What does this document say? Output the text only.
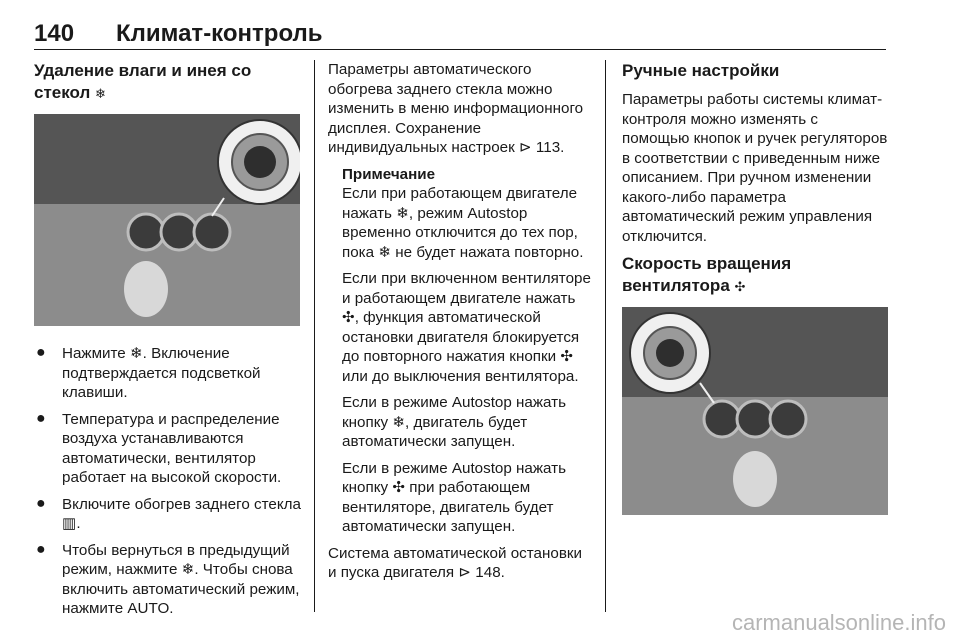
140 Климат-контроль
Удаление влаги и инея со стекол ❄
● Нажмите ❄. Включение подтверждается подсветкой клавиши.
● Температура и распределение воздуха устанавливаются автоматически, вентилятор работает на высокой скорости.
● Включите обогрев заднего стекла ▥.
● Чтобы вернуться в предыдущий режим, нажмите ❄. Чтобы снова включить автоматический режим, нажмите AUTO.

Параметры автоматического обогрева заднего стекла можно изменить в меню информационного дисплея. Сохранение индивидуальных настроек ⊳ 113.

Примечание

Если при работающем двигателе нажать ❄, режим Autostop временно отключится до тех пор, пока ❄ не будет нажата повторно.

Если при включенном вентиляторе и работающем двигателе нажать ✣, функция автоматической остановки двигателя блокируется до повторного нажатия кнопки ✣ или до выключения вентилятора.

Если в режиме Autostop нажать кнопку ❄, двигатель будет автоматически запущен.

Если в режиме Autostop нажать кнопку ✣ при работающем вентиляторе, двигатель будет автоматически запущен.

Система автоматической остановки и пуска двигателя ⊳ 148.

Ручные настройки

Параметры работы системы климат-контроля можно изменять с помощью кнопок и ручек регуляторов в соответствии с приведенным ниже описанием. При ручном изменении какого-либо параметра автоматический режим управления отключится.

Скорость вращения вентилятора ✣
carmanualsonline.info
